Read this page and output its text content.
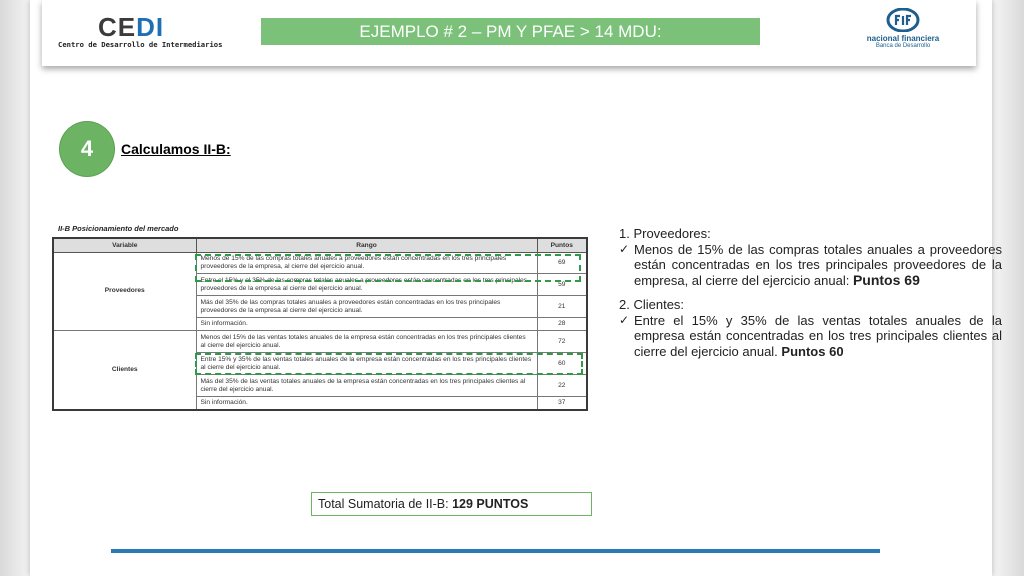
CEDI
Centro de Desarrollo de Intermediarios
EJEMPLO # 2 – PM Y PFAE > 14 MDU:	nacional financiera
Banca de Desarrollo
4	Calculamos II-B:
II-B Posicionamiento del mercado
Variable	Rango	Puntos
Proveedores	Menos de 15% de las compras totales anuales a proveedores están concentradas en los tres principales proveedores de la empresa, al cierre del ejercicio anual.	69
	Entre el 15% y el 35% de las compras totales anuales a proveedores están concentradas en los tres principales proveedores de la empresa al cierre del ejercicio anual.	59
	Más del 35% de las compras totales anuales a proveedores están concentradas en los tres principales proveedores de la empresa al cierre del ejercicio anual.	21
	Sin información.	28
Clientes	Menos del 15% de las ventas totales anuales de la empresa están concentradas en los tres principales clientes al cierre del ejercicio anual.	72
	Entre 15% y 35% de las ventas totales anuales de la empresa están concentradas en los tres principales clientes al cierre del ejercicio anual.	60
	Más del 35% de las ventas totales anuales de la empresa están concentradas en los tres principales clientes al cierre del ejercicio anual.	22
	Sin información.	37
1. Proveedores:
✓ Menos de 15% de las compras totales anuales a proveedores están concentradas en los tres principales proveedores de la empresa, al cierre del ejercicio anual: Puntos 69
2. Clientes:
✓ Entre el 15% y 35% de las ventas totales anuales de la empresa están concentradas en los tres principales clientes al cierre del ejercicio anual. Puntos 60
Total Sumatoria de II-B: 129 PUNTOS
